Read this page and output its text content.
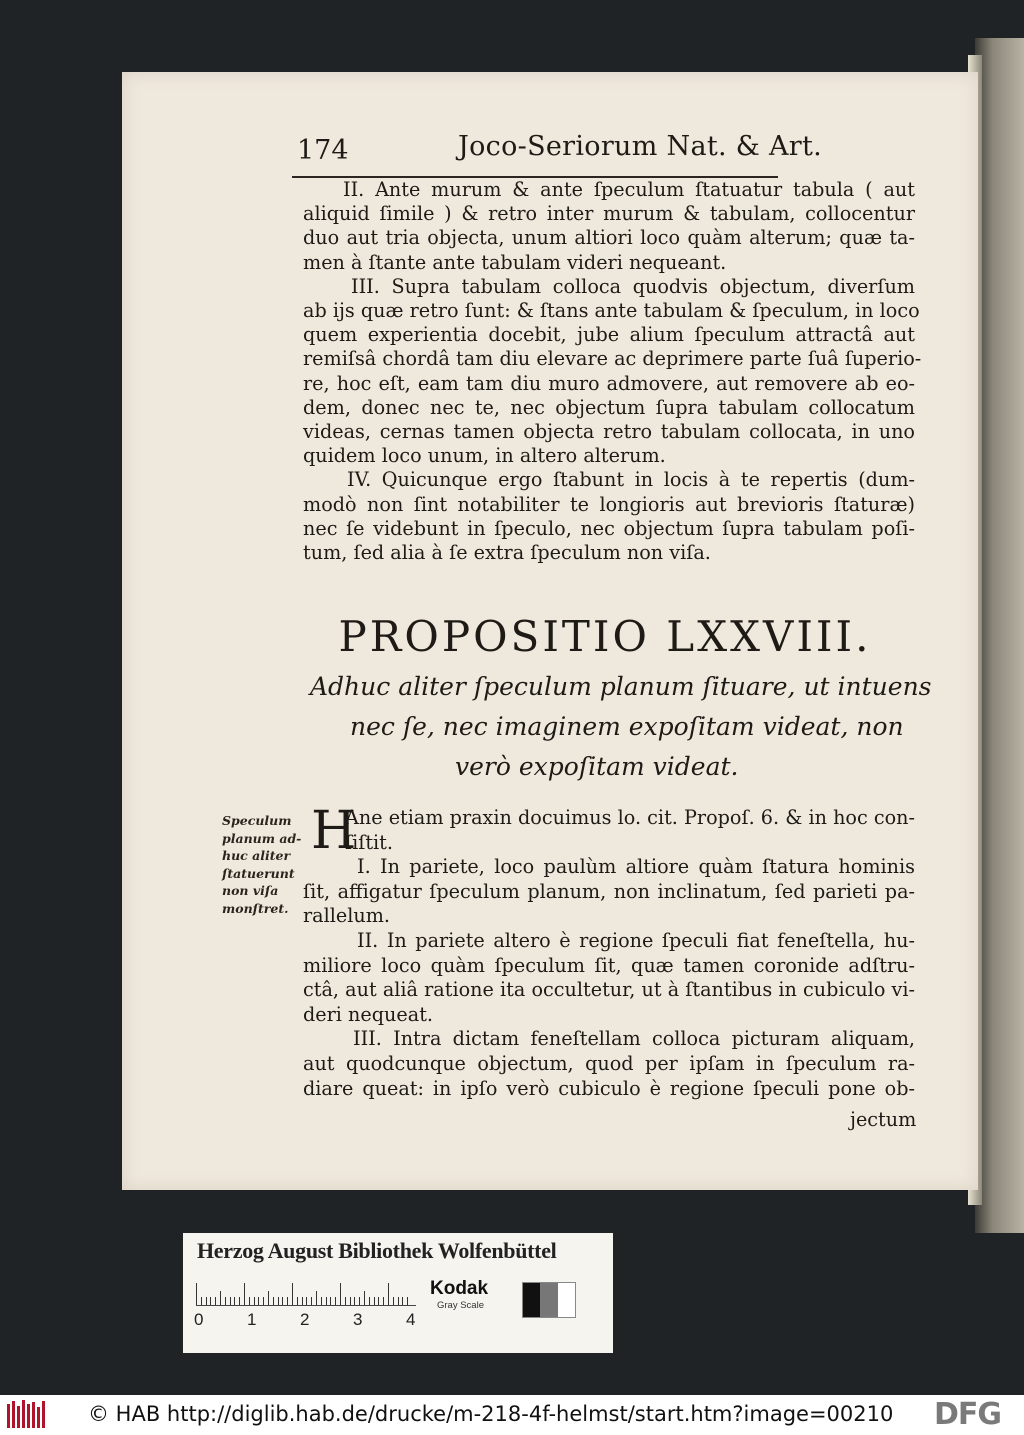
174	Joco-Seriorum Nat. & Art.
II. Ante murum & ante ſpeculum ſtatuatur tabula ( aut
aliquid ſimile ) & retro inter murum & tabulam, collocentur
duo aut tria objecta, unum altiori loco quàm alterum; quæ ta-
men à ſtante ante tabulam videri nequeant.
III. Supra tabulam colloca quodvis objectum, diverſum
ab ijs quæ retro ſunt: & ſtans ante tabulam & ſpeculum, in loco
quem experientia docebit, jube alium ſpeculum attractâ aut
remiſsâ chordâ tam diu elevare ac deprimere parte ſuâ ſuperio-
re, hoc eſt, eam tam diu muro admovere, aut removere ab eo-
dem, donec nec te, nec objectum ſupra tabulam collocatum
videas, cernas tamen objecta retro tabulam collocata, in uno
quidem loco unum, in altero alterum.
IV. Quicunque ergo ſtabunt in locis à te repertis (dum-
modò non ſint notabiliter te longioris aut brevioris ſtaturæ)
nec ſe videbunt in ſpeculo, nec objectum ſupra tabulam poſi-
tum, ſed alia à ſe extra ſpeculum non viſa.
PROPOSITIO LXXVIII.
Adhuc aliter ſpeculum planum ſituare, ut intuens
nec ſe, nec imaginem expoſitam videat, non
verò expoſitam videat.
Speculum
planum ad-
huc aliter
ſtatuerunt
non viſa
monſtret.
H
Ane etiam praxin docuimus lo. cit. Propoſ. 6. & in hoc con-
ſiſtit.
I. In pariete, loco paulùm altiore quàm ſtatura hominis
ſit, affigatur ſpeculum planum, non inclinatum, ſed parieti pa-
rallelum.
II. In pariete altero è regione ſpeculi fiat feneſtella, hu-
miliore loco quàm ſpeculum ſit, quæ tamen coronide adſtru-
ctâ, aut aliâ ratione ita occultetur, ut à ſtantibus in cubiculo vi-
deri nequeat.
III. Intra dictam feneſtellam colloca picturam aliquam,
aut quodcunque objectum, quod per ipſam in ſpeculum ra-
diare queat: in ipſo verò cubiculo è regione ſpeculi pone ob-
jectum
Herzog August Bibliothek Wolfenbüttel
0	1	2	3	4
Kodak
Gray Scale
© HAB http://diglib.hab.de/drucke/m-218-4f-helmst/start.htm?image=00210 DFG
